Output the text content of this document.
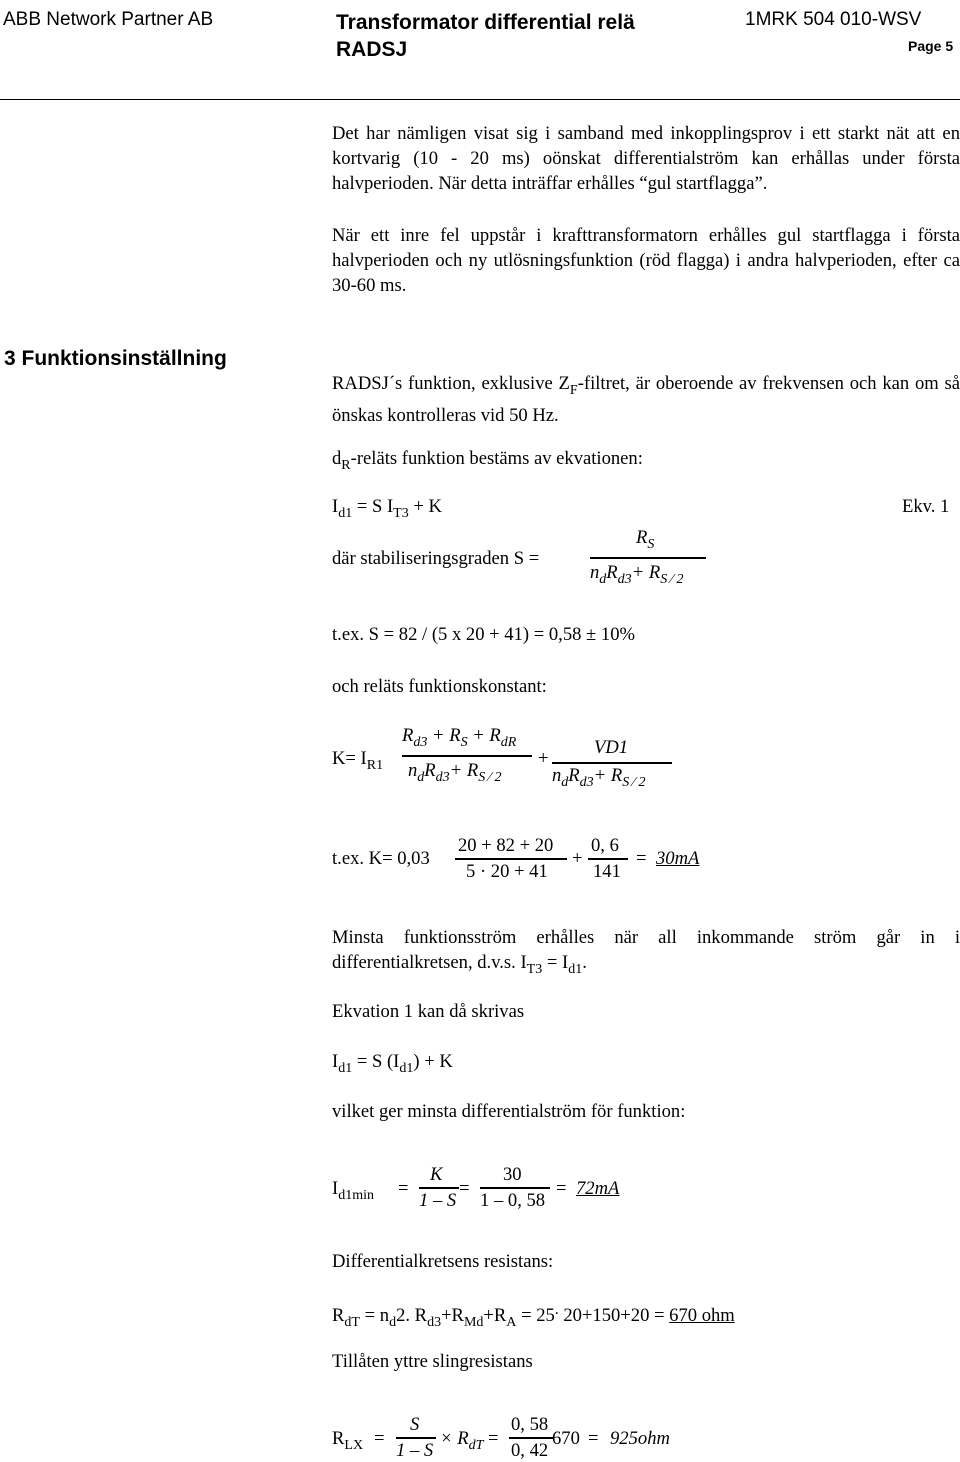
ABB Network Partner AB	Transformator differential relä
RADSJ
1MRK 504 010-WSV
Page 5
Det har nämligen visat sig i samband med inkopplingsprov i ett starkt nät att en kortvarig (10 - 20 ms) oönskat differentialström kan erhållas under första halvperioden. När detta inträffar erhålles “gul startflagga”.
När ett inre fel uppstår i krafttransformatorn erhålles gul startflagga i första halvperioden och ny utlösningsfunktion (röd flagga) i andra halvperioden, efter ca 30-60 ms.
3 Funktionsinställning
RADSJ´s funktion, exklusive $Z_F$-filtret, är oberoende av frekvensen och kan om så önskas kontrolleras vid 50 Hz.
$d_R$-reläts funktion bestäms av ekvationen:
$I_{d1} = S$ $I_{T3} + K$	Ekv. 1
där stabiliseringsgraden S =
$R_S$
$n_dR_{d3}+ R_{S ⁄ 2}$
t.ex. S = 82 / (5 x 20 + 41) = 0,58 ± 10%
och reläts funktionskonstant:
$K= I_{R1}$
$R_{d3} + R_S + R_{dR}$
$n_dR_{d3}+ R_{S ⁄ 2}$
+
VD1
$n_dR_{d3}+ R_{S ⁄ 2}$
t.ex. K= 0,03
20 + 82 + 20
5 · 20 + 41
+
0, 6
141
= 30mA
Minsta funktionsström erhålles när all inkommande ström går in i differentialkretsen, d.v.s. $I_{T3} = I_{d1}$.
Ekvation 1 kan då skrivas
$I_{d1} = S$ $(I_{d1}) + K$
vilket ger minsta differentialström för funktion:
$I_{d1min}$ =
K
1 – S
=
30
1 – 0, 58
= 72mA
Differentialkretsens resistans:
$R_{dT} = n_d2$. $R_{d3}+R_{Md}+R_A = 25^.$ 20+150+20 = 670 ohm
Tillåten yttre slingresistans
$R_{LX}$ =
S
1 – S
× $R_{dT}$ =
0, 58
0, 42
670 = 925ohm
